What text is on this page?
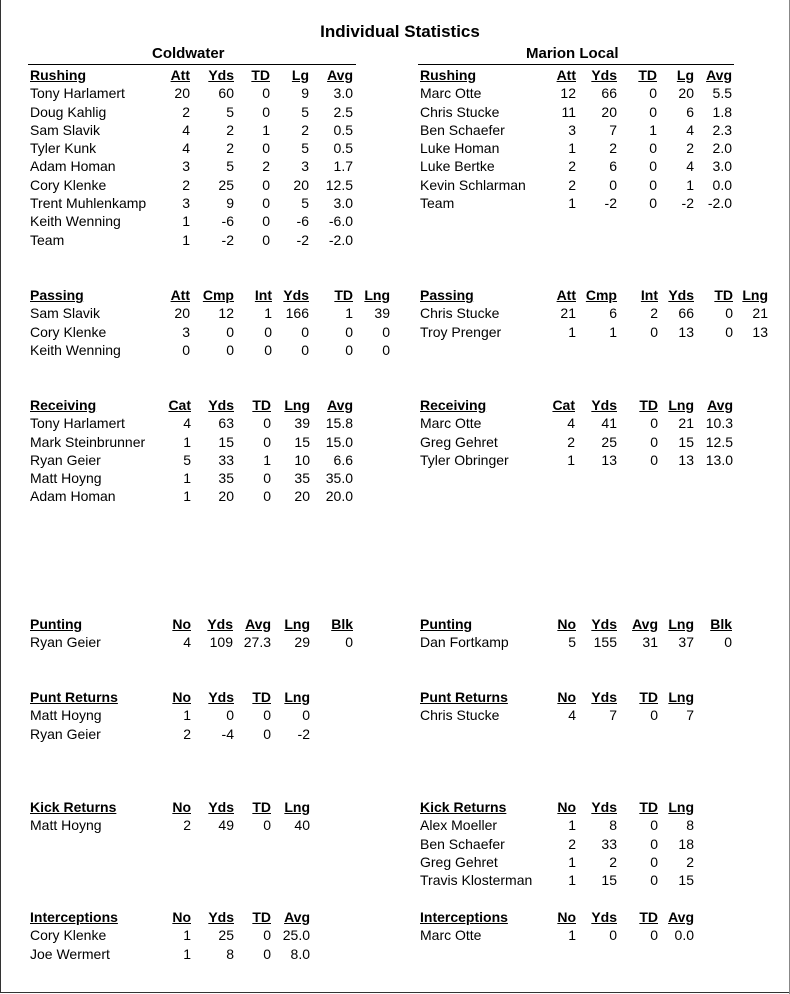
Individual Statistics
Coldwater	Marion Local
Rushing	Att	Yds	TD	Lg	Avg
Tony Harlamert	20	60	0	9	3.0
Doug Kahlig	2	5	0	5	2.5
Sam Slavik	4	2	1	2	0.5
Tyler Kunk	4	2	0	5	0.5
Adam Homan	3	5	2	3	1.7
Cory Klenke	2	25	0	20	12.5
Trent Muhlenkamp	3	9	0	5	3.0
Keith Wenning	1	-6	0	-6	-6.0
Team	1	-2	0	-2	-2.0
Rushing	Att	Yds	TD	Lg	Avg
Marc Otte	12	66	0	20	5.5
Chris Stucke	11	20	0	6	1.8
Ben Schaefer	3	7	1	4	2.3
Luke Homan	1	2	0	2	2.0
Luke Bertke	2	6	0	4	3.0
Kevin Schlarman	2	0	0	1	0.0
Team	1	-2	0	-2	-2.0
Passing	Att	Cmp	Int	Yds	TD	Lng
Sam Slavik	20	12	1	166	1	39
Cory Klenke	3	0	0	0	0	0
Keith Wenning	0	0	0	0	0	0
Passing	Att	Cmp	Int	Yds	TD	Lng
Chris Stucke	21	6	2	66	0	21
Troy Prenger	1	1	0	13	0	13
Receiving	Cat	Yds	TD	Lng	Avg
Tony Harlamert	4	63	0	39	15.8
Mark Steinbrunner	1	15	0	15	15.0
Ryan Geier	5	33	1	10	6.6
Matt Hoyng	1	35	0	35	35.0
Adam Homan	1	20	0	20	20.0
Receiving	Cat	Yds	TD	Lng	Avg
Marc Otte	4	41	0	21	10.3
Greg Gehret	2	25	0	15	12.5
Tyler Obringer	1	13	0	13	13.0
Punting	No	Yds	Avg	Lng	Blk
Ryan Geier	4	109	27.3	29	0
Punting	No	Yds	Avg	Lng	Blk
Dan Fortkamp	5	155	31	37	0
Punt Returns	No	Yds	TD	Lng
Matt Hoyng	1	0	0	0
Ryan Geier	2	-4	0	-2
Punt Returns	No	Yds	TD	Lng
Chris Stucke	4	7	0	7
Kick Returns	No	Yds	TD	Lng
Matt Hoyng	2	49	0	40
Kick Returns	No	Yds	TD	Lng
Alex Moeller	1	8	0	8
Ben Schaefer	2	33	0	18
Greg Gehret	1	2	0	2
Travis Klosterman	1	15	0	15
Interceptions	No	Yds	TD	Avg
Cory Klenke	1	25	0	25.0
Joe Wermert	1	8	0	8.0
Interceptions	No	Yds	TD	Avg
Marc Otte	1	0	0	0.0
